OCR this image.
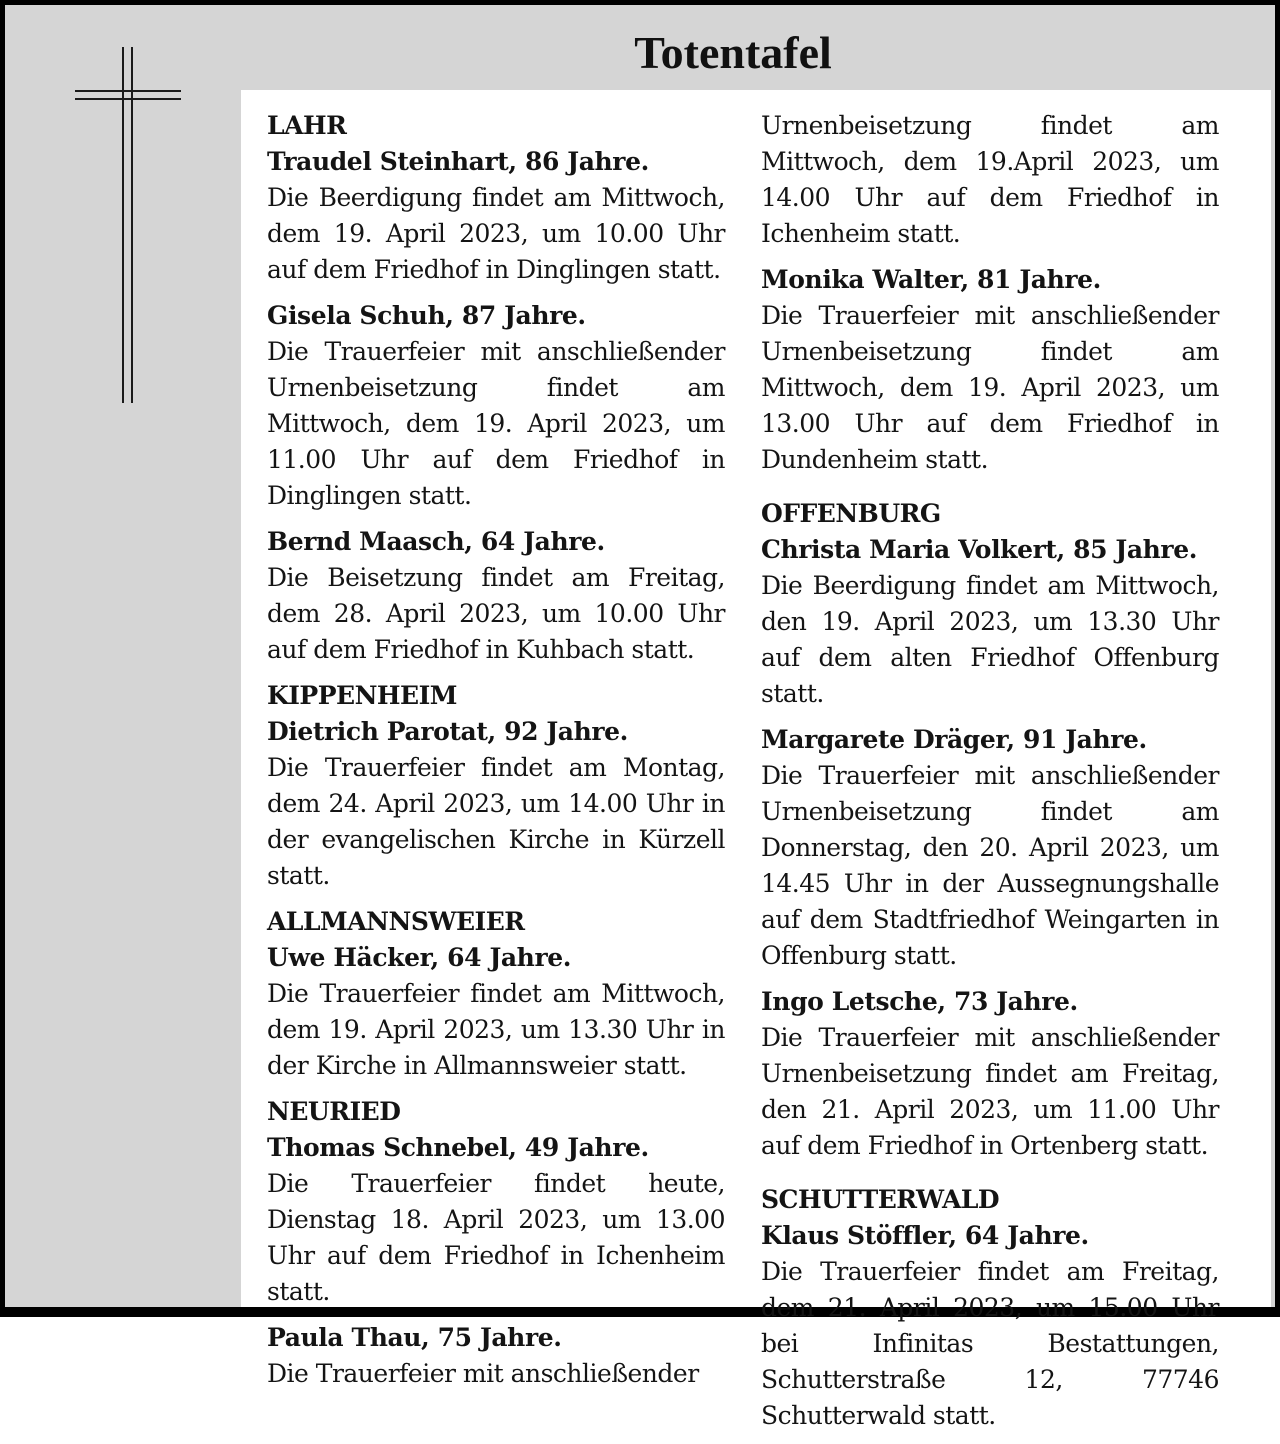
Totentafel
LAHR
Traudel Steinhart, 86 Jahre.
Die Beerdigung findet am Mittwoch, dem 19. April 2023, um 10.00 Uhr auf dem Friedhof in Dinglingen statt.
Gisela Schuh, 87 Jahre.
Die Trauerfeier mit anschließender Urnenbeisetzung findet am Mittwoch, dem 19. April 2023, um 11.00 Uhr auf dem Friedhof in Dinglingen statt.
Bernd Maasch, 64 Jahre.
Die Beisetzung findet am Freitag, dem 28. April 2023, um 10.00 Uhr auf dem Friedhof in Kuhbach statt.
KIPPENHEIM
Dietrich Parotat, 92 Jahre.
Die Trauerfeier findet am Montag, dem 24. April 2023, um 14.00 Uhr in der evangelischen Kirche in Kürzell statt.
ALLMANNSWEIER
Uwe Häcker, 64 Jahre.
Die Trauerfeier findet am Mittwoch, dem 19. April 2023, um 13.30 Uhr in der Kirche in Allmannsweier statt.
NEURIED
Thomas Schnebel, 49 Jahre.
Die Trauerfeier findet heute, Dienstag 18. April 2023, um 13.00 Uhr auf dem Friedhof in Ichenheim statt.
Paula Thau, 75 Jahre.
Die Trauerfeier mit anschließender
Urnenbeisetzung findet am Mittwoch, dem 19.April 2023, um 14.00 Uhr auf dem Friedhof in Ichenheim statt.
Monika Walter, 81 Jahre.
Die Trauerfeier mit anschließender Urnenbeisetzung findet am Mittwoch, dem 19. April 2023, um 13.00 Uhr auf dem Friedhof in Dundenheim statt.
OFFENBURG
Christa Maria Volkert, 85 Jahre.
Die Beerdigung findet am Mittwoch, den 19. April 2023, um 13.30 Uhr auf dem alten Friedhof Offenburg statt.
Margarete Dräger, 91 Jahre.
Die Trauerfeier mit anschließender Urnenbeisetzung findet am Donnerstag, den 20. April 2023, um 14.45 Uhr in der Aussegnungshalle auf dem Stadtfriedhof Weingarten in Offenburg statt.
Ingo Letsche, 73 Jahre.
Die Trauerfeier mit anschließender Urnenbeisetzung findet am Freitag, den 21. April 2023, um 11.00 Uhr auf dem Friedhof in Ortenberg statt.
SCHUTTERWALD
Klaus Stöffler, 64 Jahre.
Die Trauerfeier findet am Freitag, dem 21. April 2023, um 15.00 Uhr bei Infinitas Bestattungen, Schutterstraße 12, 77746 Schutterwald statt.
